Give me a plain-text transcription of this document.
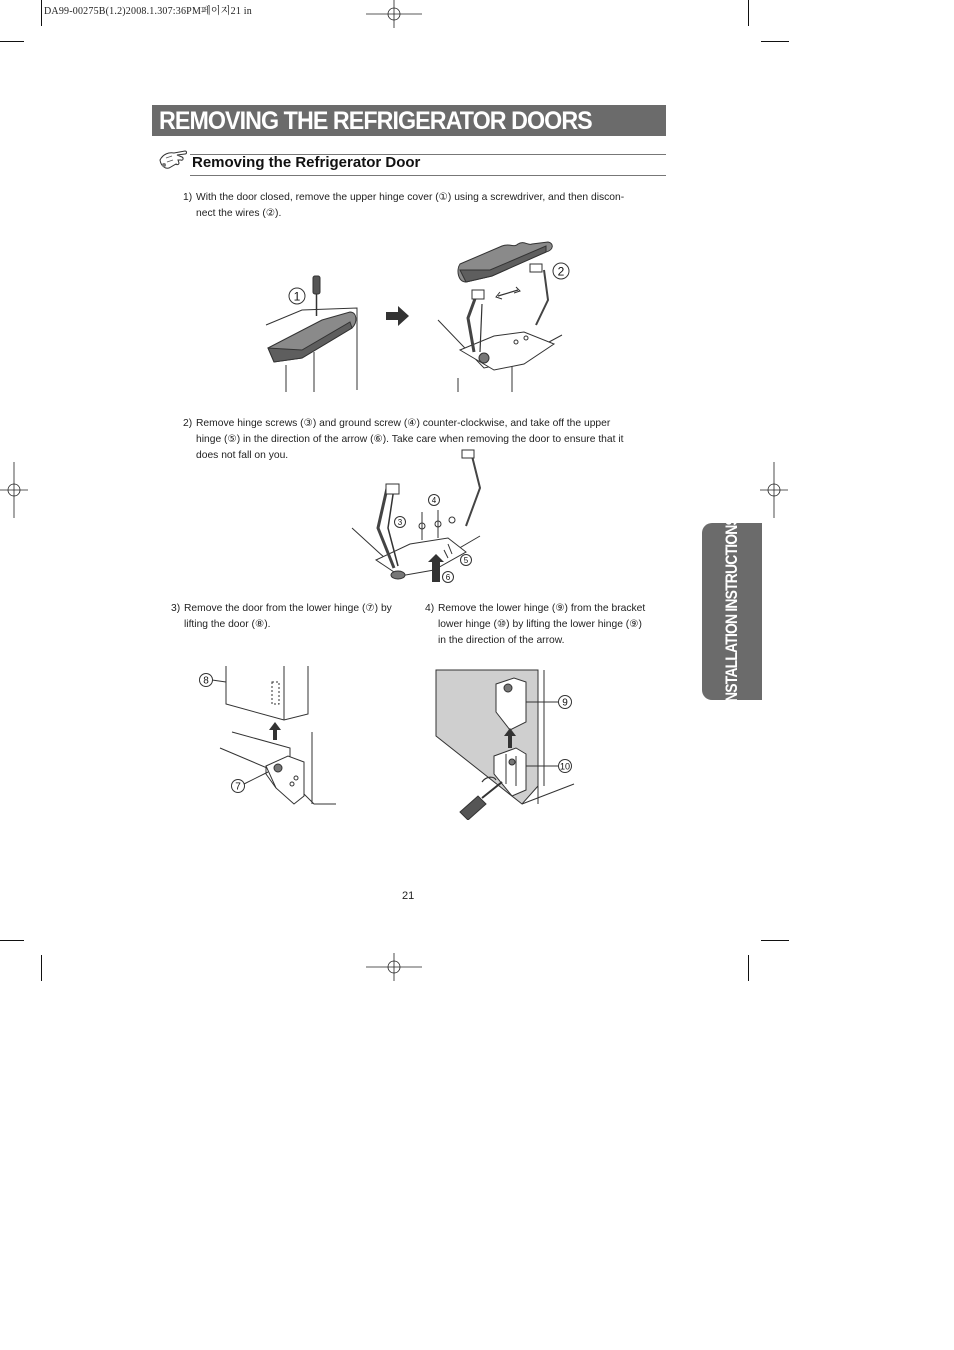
DA99-00275B(1.2)2008.1.307:36PM페이지21 in
REMOVING THE REFRIGERATOR DOORS
Removing the Refrigerator Door
1) With the door closed, remove the upper hinge cover (①) using a screwdriver, and then discon-
nect the wires (②).
1
2
2) Remove hinge screws (③) and ground screw (④) counter-clockwise, and take off the upper
hinge (⑤) in the direction of the arrow (⑥). Take care when removing the door to ensure that it
does not fall on you.
4
3
5
6
3) Remove the door from the lower hinge (⑦) by
lifting the door (⑧).
4) Remove the lower hinge (⑨) from the bracket
lower hinge (⑩) by lifting the lower hinge (⑨)
in the direction of the arrow.
8
7
9
10
INSTALLATION INSTRUCTIONS
21
